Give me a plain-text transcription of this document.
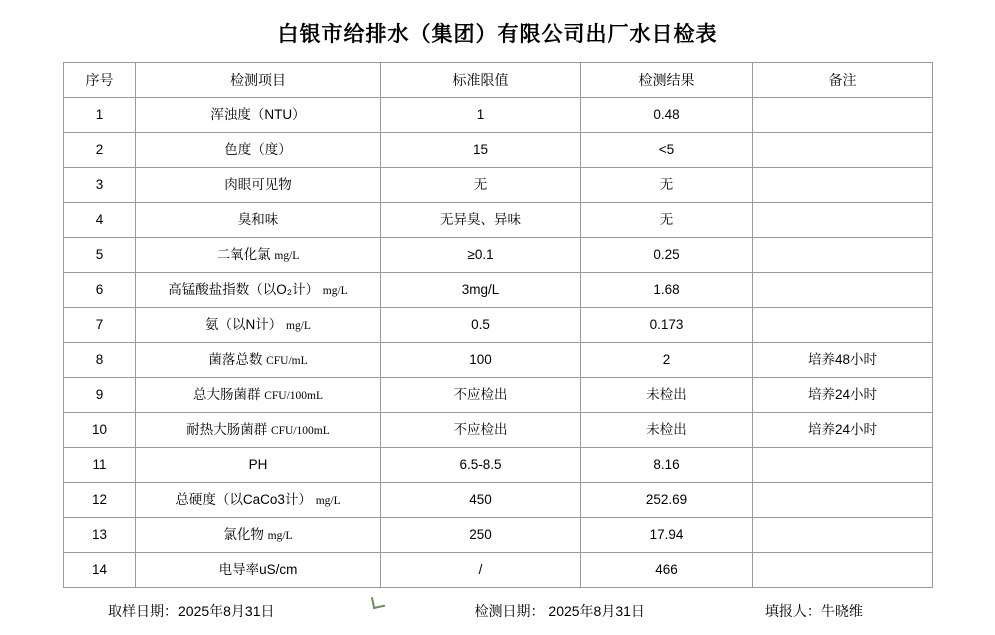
白银市给排水（集团）有限公司出厂水日检表
序号	检测项目	标准限值	检测结果	备注
1	浑浊度（NTU）	1	0.48	
2	色度（度）	15	<5	
3	肉眼可见物	无	无	
4	臭和味	无异臭、异味	无	
5	二氧化氯 mg/L	≥0.1	0.25	
6	高锰酸盐指数（以O₂计） mg/L	3mg/L	1.68	
7	氨（以N计） mg/L	0.5	0.173	
8	菌落总数 CFU/mL	100	2	培养48小时
9	总大肠菌群 CFU/100mL	不应检出	未检出	培养24小时
10	耐热大肠菌群 CFU/100mL	不应检出	未检出	培养24小时
11	PH	6.5-8.5	8.16	
12	总硬度（以CaCo3计） mg/L	450	252.69	
13	氯化物 mg/L	250	17.94	
14	电导率uS/cm	/	466	
取样日期：2025年8月31日	检测日期： 2025年8月31日	填报人：牛晓维
